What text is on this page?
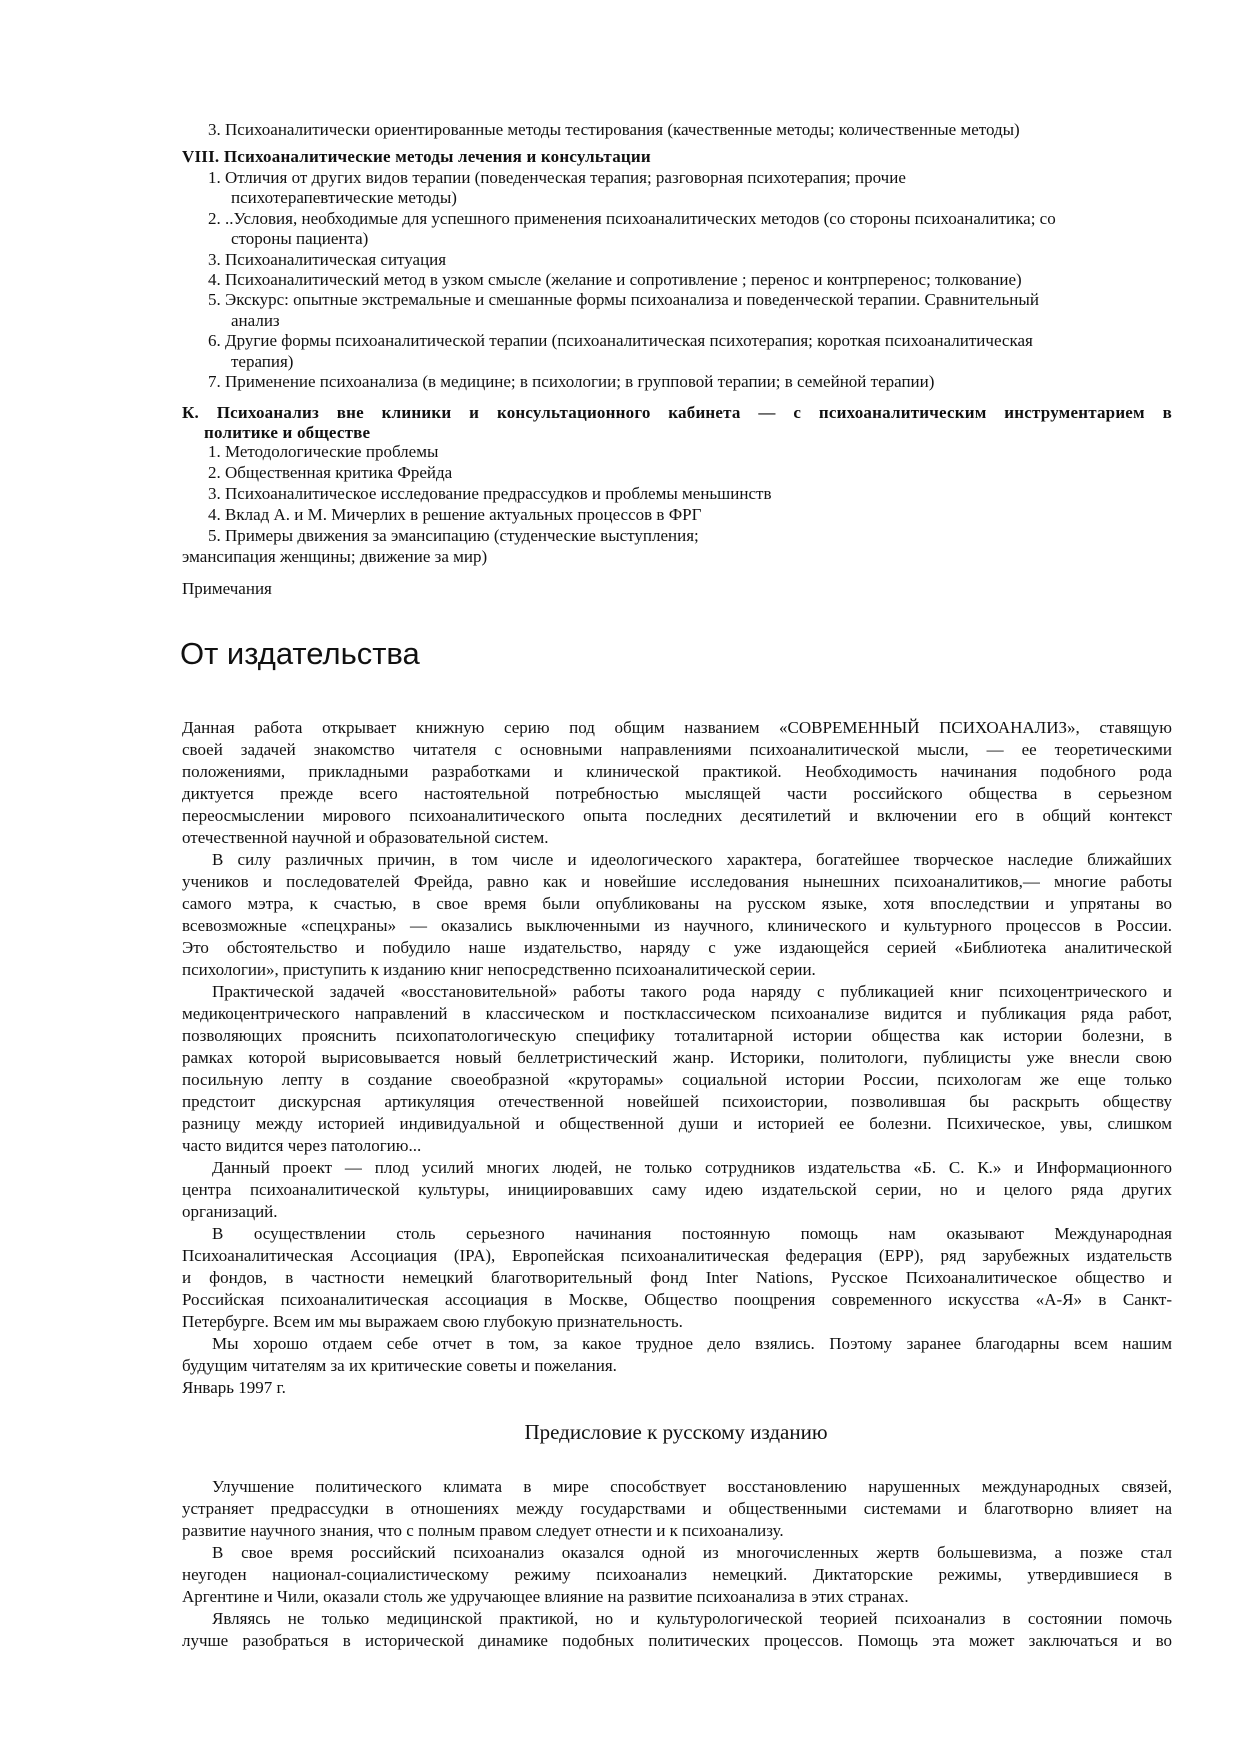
3. Психоаналитически ориентированные методы тестирования (качественные методы; количественные методы)
VIII. Психоаналитические методы лечения и консультации
1. Отличия от других видов терапии (поведенческая терапия; разговорная психотерапия; прочие
психотерапевтические методы)
2. ..Условия, необходимые для успешного применения психоаналитических методов (со стороны психоаналитика; со
стороны пациента)
3. Психоаналитическая ситуация
4. Психоаналитический метод в узком смысле (желание и сопротивление ; перенос и контрперенос; толкование)
5. Экскурс: опытные экстремальные и смешанные формы психоанализа и поведенческой терапии. Сравнительный
анализ
6. Другие формы психоаналитической терапии (психоаналитическая психотерапия; короткая психоаналитическая
терапия)
7. Применение психоанализа (в медицине; в психологии; в групповой терапии; в семейной терапии)
К. Психоанализ вне клиники и консультационного кабинета — с психоаналитическим инструментарием в
политике и обществе
1. Методологические проблемы
2. Общественная критика Фрейда
3. Психоаналитическое исследование предрассудков и проблемы меньшинств
4. Вклад А. и М. Мичерлих в решение актуальных процессов в ФРГ
5. Примеры движения за эмансипацию (студенческие выступления;
эмансипация женщины; движение за мир)
Примечания
От издательства
Данная работа открывает книжную серию под общим названием «СОВРЕМЕННЫЙ ПСИХОАНАЛИЗ», ставящую
своей задачей знакомство читателя с основными направлениями психоаналитической мысли, — ее теоретическими
положениями, прикладными разработками и клинической практикой. Необходимость начинания подобного рода
диктуется прежде всего настоятельной потребностью мыслящей части российского общества в серьезном
переосмыслении мирового психоаналитического опыта последних десятилетий и включении его в общий контекст
отечественной научной и образовательной систем.
В силу различных причин, в том числе и идеологического характера, богатейшее творческое наследие ближайших
учеников и последователей Фрейда, равно как и новейшие исследования нынешних психоаналитиков,— многие работы
самого мэтра, к счастью, в свое время были опубликованы на русском языке, хотя впоследствии и упрятаны во
всевозможные «спецхраны» — оказались выключенными из научного, клинического и культурного процессов в России.
Это обстоятельство и побудило наше издательство, наряду с уже издающейся серией «Библиотека аналитической
психологии», приступить к изданию книг непосредственно психоаналитической серии.
Практической задачей «восстановительной» работы такого рода наряду с публикацией книг психоцентрического и
медикоцентрического направлений в классическом и постклассическом психоанализе видится и публикация ряда работ,
позволяющих прояснить психопатологическую специфику тоталитарной истории общества как истории болезни, в
рамках которой вырисовывается новый беллетристический жанр. Историки, политологи, публицисты уже внесли свою
посильную лепту в создание своеобразной «круторамы» социальной истории России, психологам же еще только
предстоит дискурсная артикуляция отечественной новейшей психоистории, позволившая бы раскрыть обществу
разницу между историей индивидуальной и общественной души и историей ее болезни. Психическое, увы, слишком
часто видится через патологию...
Данный проект — плод усилий многих людей, не только сотрудников издательства «Б. С. К.» и Информационного
центра психоаналитической культуры, инициировавших саму идею издательской серии, но и целого ряда других
организаций.
В осуществлении столь серьезного начинания постоянную помощь нам оказывают Международная
Психоаналитическая Ассоциация (IPA), Европейская психоаналитическая федерация (EPP), ряд зарубежных издательств
и фондов, в частности немецкий благотворительный фонд Inter Nations, Русское Психоаналитическое общество и
Российская психоаналитическая ассоциация в Москве, Общество поощрения современного искусства «А-Я» в Санкт-
Петербурге. Всем им мы выражаем свою глубокую признательность.
Мы хорошо отдаем себе отчет в том, за какое трудное дело взялись. Поэтому заранее благодарны всем нашим
будущим читателям за их критические советы и пожелания.
Январь 1997 г.
Предисловие к русскому изданию
Улучшение политического климата в мире способствует восстановлению нарушенных международных связей,
устраняет предрассудки в отношениях между государствами и общественными системами и благотворно влияет на
развитие научного знания, что с полным правом следует отнести и к психоанализу.
В свое время российский психоанализ оказался одной из многочисленных жертв большевизма, а позже стал
неугоден национал-социалистическому режиму психоанализ немецкий. Диктаторские режимы, утвердившиеся в
Аргентине и Чили, оказали столь же удручающее влияние на развитие психоанализа в этих странах.
Являясь не только медицинской практикой, но и культурологической теорией психоанализ в состоянии помочь
лучше разобраться в исторической динамике подобных политических процессов. Помощь эта может заключаться и во
